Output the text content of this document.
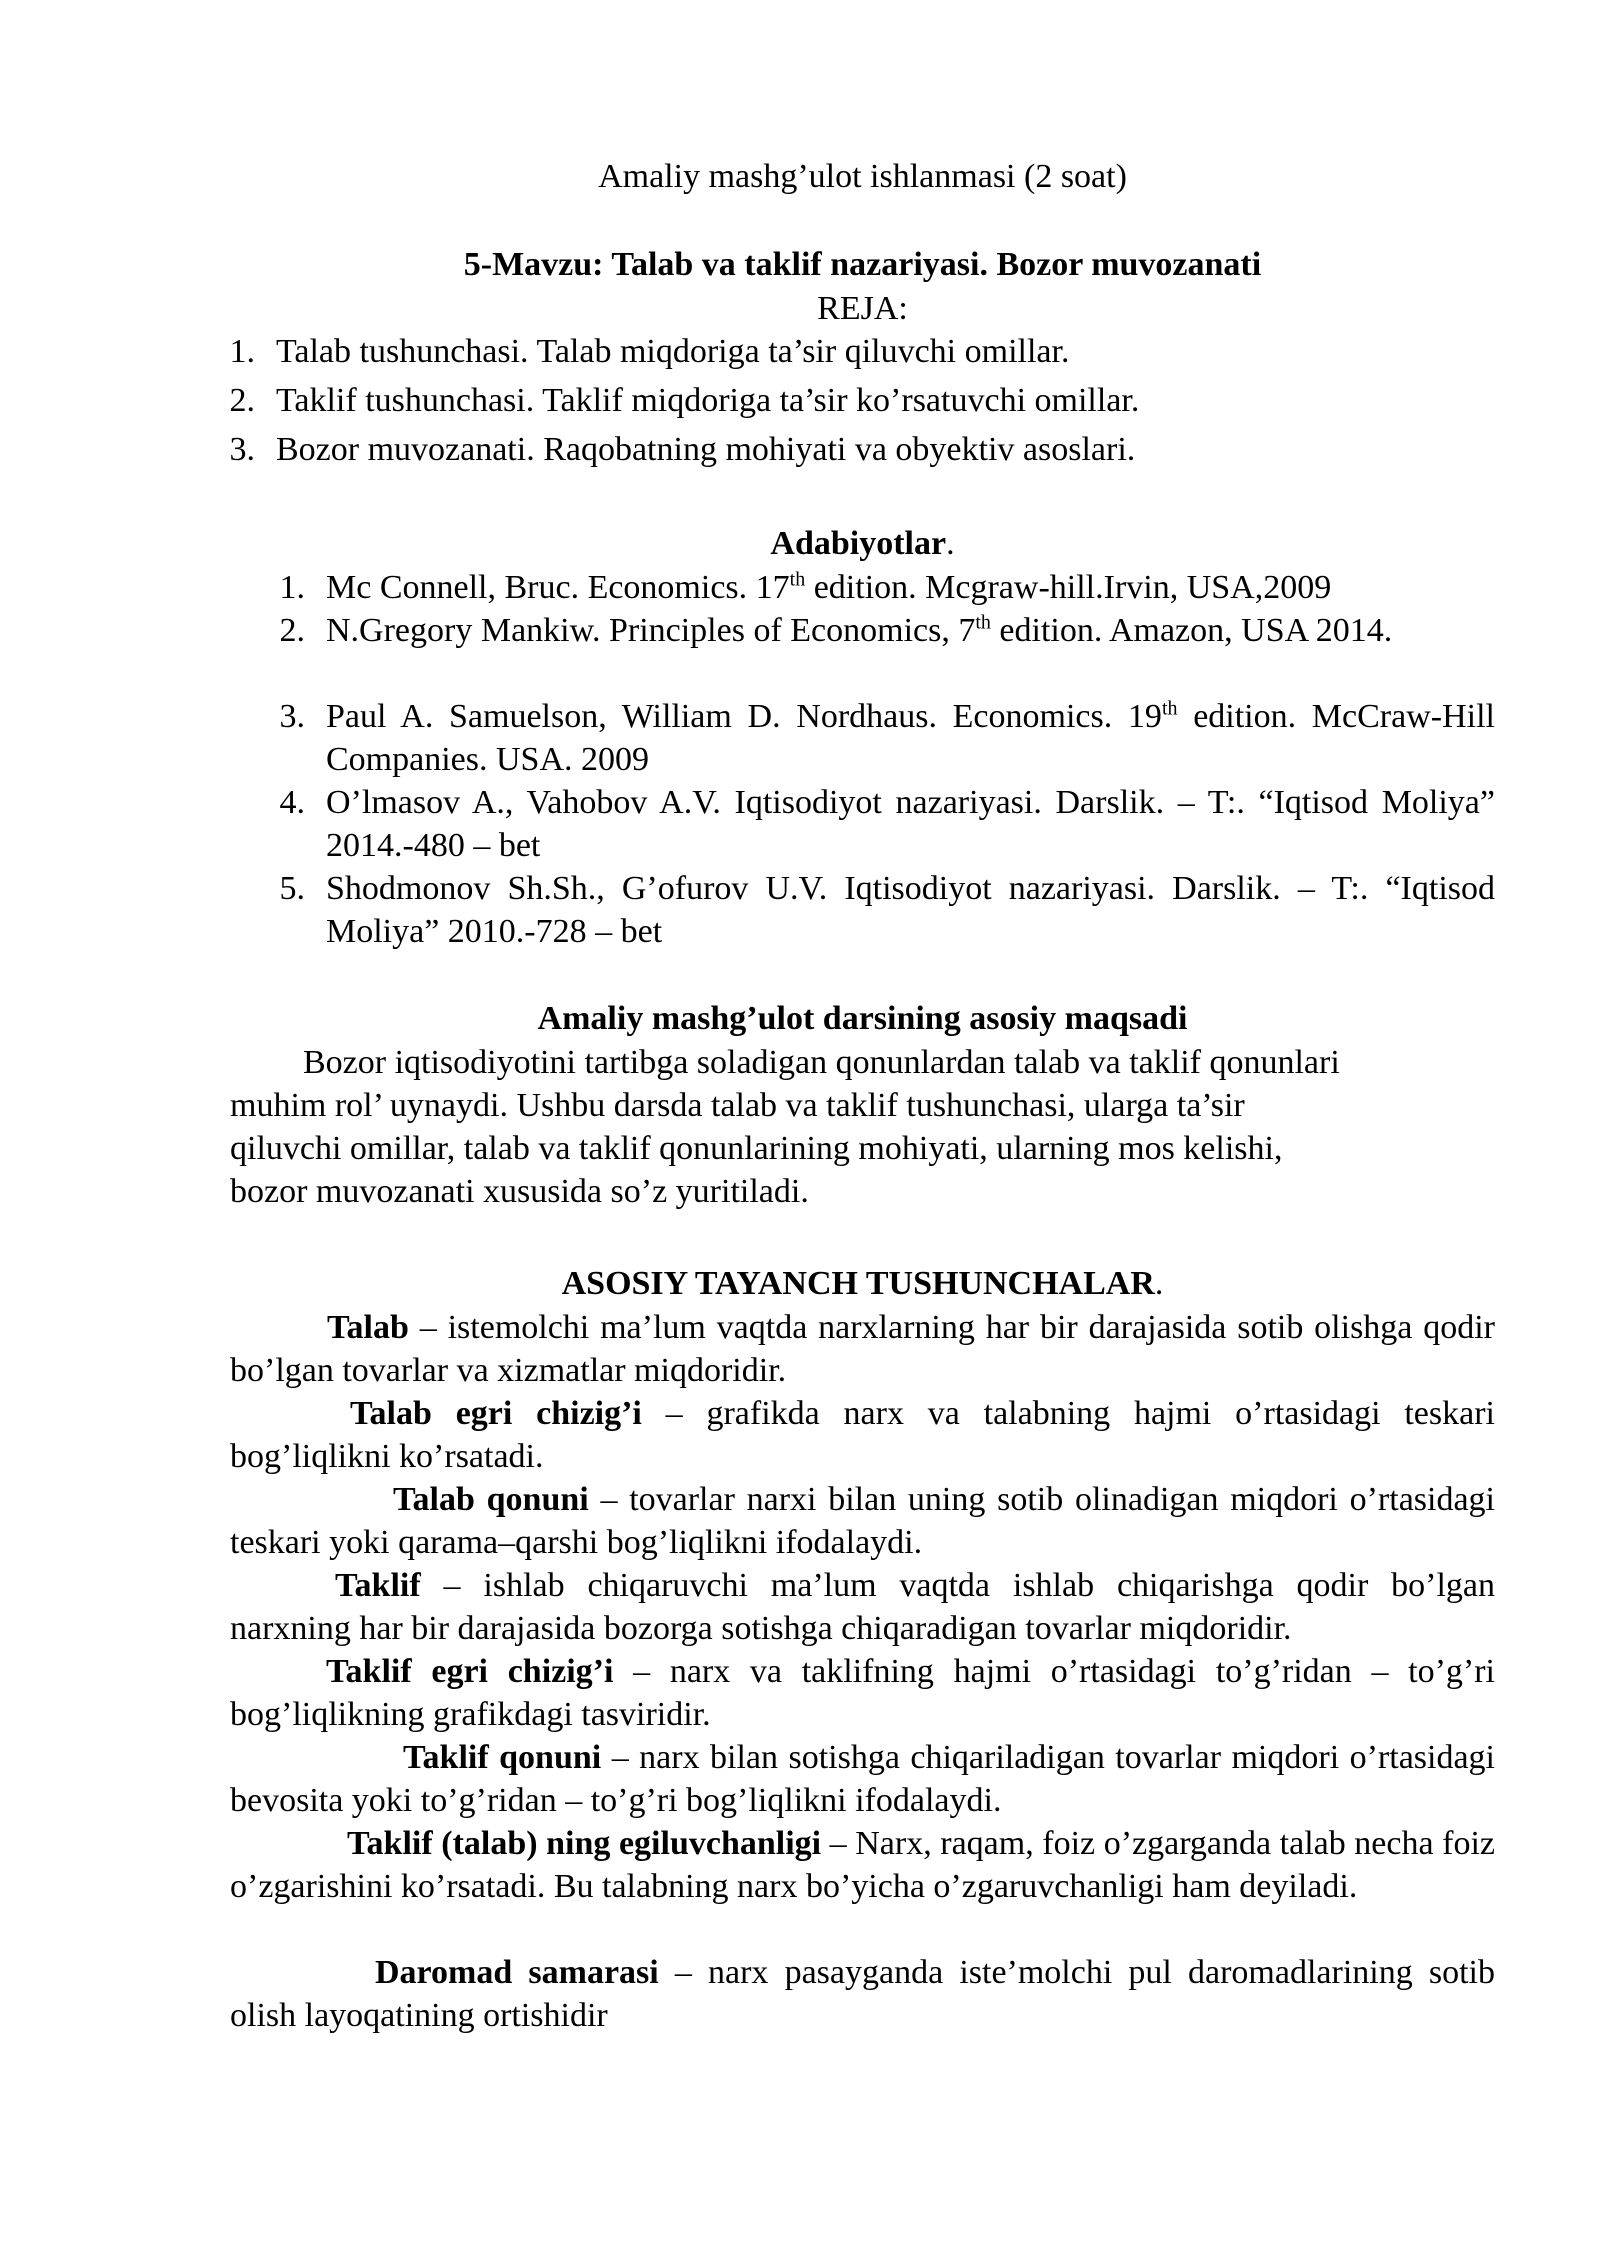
Amaliy mashg’ulot ishlanmasi (2 soat)
5-Mavzu: Talab va taklif nazariyasi. Bozor muvozanati
REJA:
1. Talab tushunchasi. Talab miqdoriga ta’sir qiluvchi omillar.
2. Taklif tushunchasi. Taklif miqdoriga ta’sir ko’rsatuvchi omillar.
3. Bozor muvozanati. Raqobatning mohiyati va obyektiv asoslari.
Adabiyotlar.
1. Mc Connell, Bruc. Economics. 17th edition. Mcgraw-hill.Irvin, USA,2009
2. N.Gregory Mankiw. Principles of Economics, 7th edition. Amazon, USA 2014.
3. Paul A. Samuelson, William D. Nordhaus. Economics. 19th edition. McCraw-Hill Companies. USA. 2009
4. O’lmasov A., Vahobov A.V. Iqtisodiyot nazariyasi. Darslik. – T:. “Iqtisod Moliya” 2014.-480 – bet
5. Shodmonov Sh.Sh., G’ofurov U.V. Iqtisodiyot nazariyasi. Darslik. – T:. “Iqtisod Moliya” 2010.-728 – bet
Amaliy mashg’ulot darsining asosiy maqsadi
Bozor iqtisodiyotini tartibga soladigan qonunlardan talab va taklif qonunlari
muhim rol’ uynaydi. Ushbu darsda talab va taklif tushunchasi, ularga ta’sir
qiluvchi omillar, talab va taklif qonunlarining mohiyati, ularning mos kelishi,
bozor muvozanati xususida so’z yuritiladi.
ASOSIY TAYANCH TUSHUNCHALAR.

Talab – istemolchi ma’lum vaqtda narxlarning har bir darajasida sotib olishga qodir bo’lgan tovarlar va xizmatlar miqdoridir.

Talab egri chizig’i – grafikda narx va talabning hajmi o’rtasidagi teskari bog’liqlikni ko’rsatadi.

Talab qonuni – tovarlar narxi bilan uning sotib olinadigan miqdori o’rtasidagi teskari yoki qarama–qarshi bog’liqlikni ifodalaydi.

Taklif – ishlab chiqaruvchi ma’lum vaqtda ishlab chiqarishga qodir bo’lgan narxning har bir darajasida bozorga sotishga chiqaradigan tovarlar miqdoridir.

Taklif egri chizig’i – narx va taklifning hajmi o’rtasidagi to’g’ridan – to’g’ri bog’liqlikning grafikdagi tasviridir.

Taklif qonuni – narx bilan sotishga chiqariladigan tovarlar miqdori o’rtasidagi bevosita yoki to’g’ridan – to’g’ri bog’liqlikni ifodalaydi.

Taklif (talab) ning egiluvchanligi – Narx, raqam, foiz o’zgarganda talab necha foiz o’zgarishini ko’rsatadi. Bu talabning narx bo’yicha o’zgaruvchanligi ham deyiladi.

Daromad samarasi – narx pasayganda iste’molchi pul daromadlarining sotib olish layoqatining ortishidir
